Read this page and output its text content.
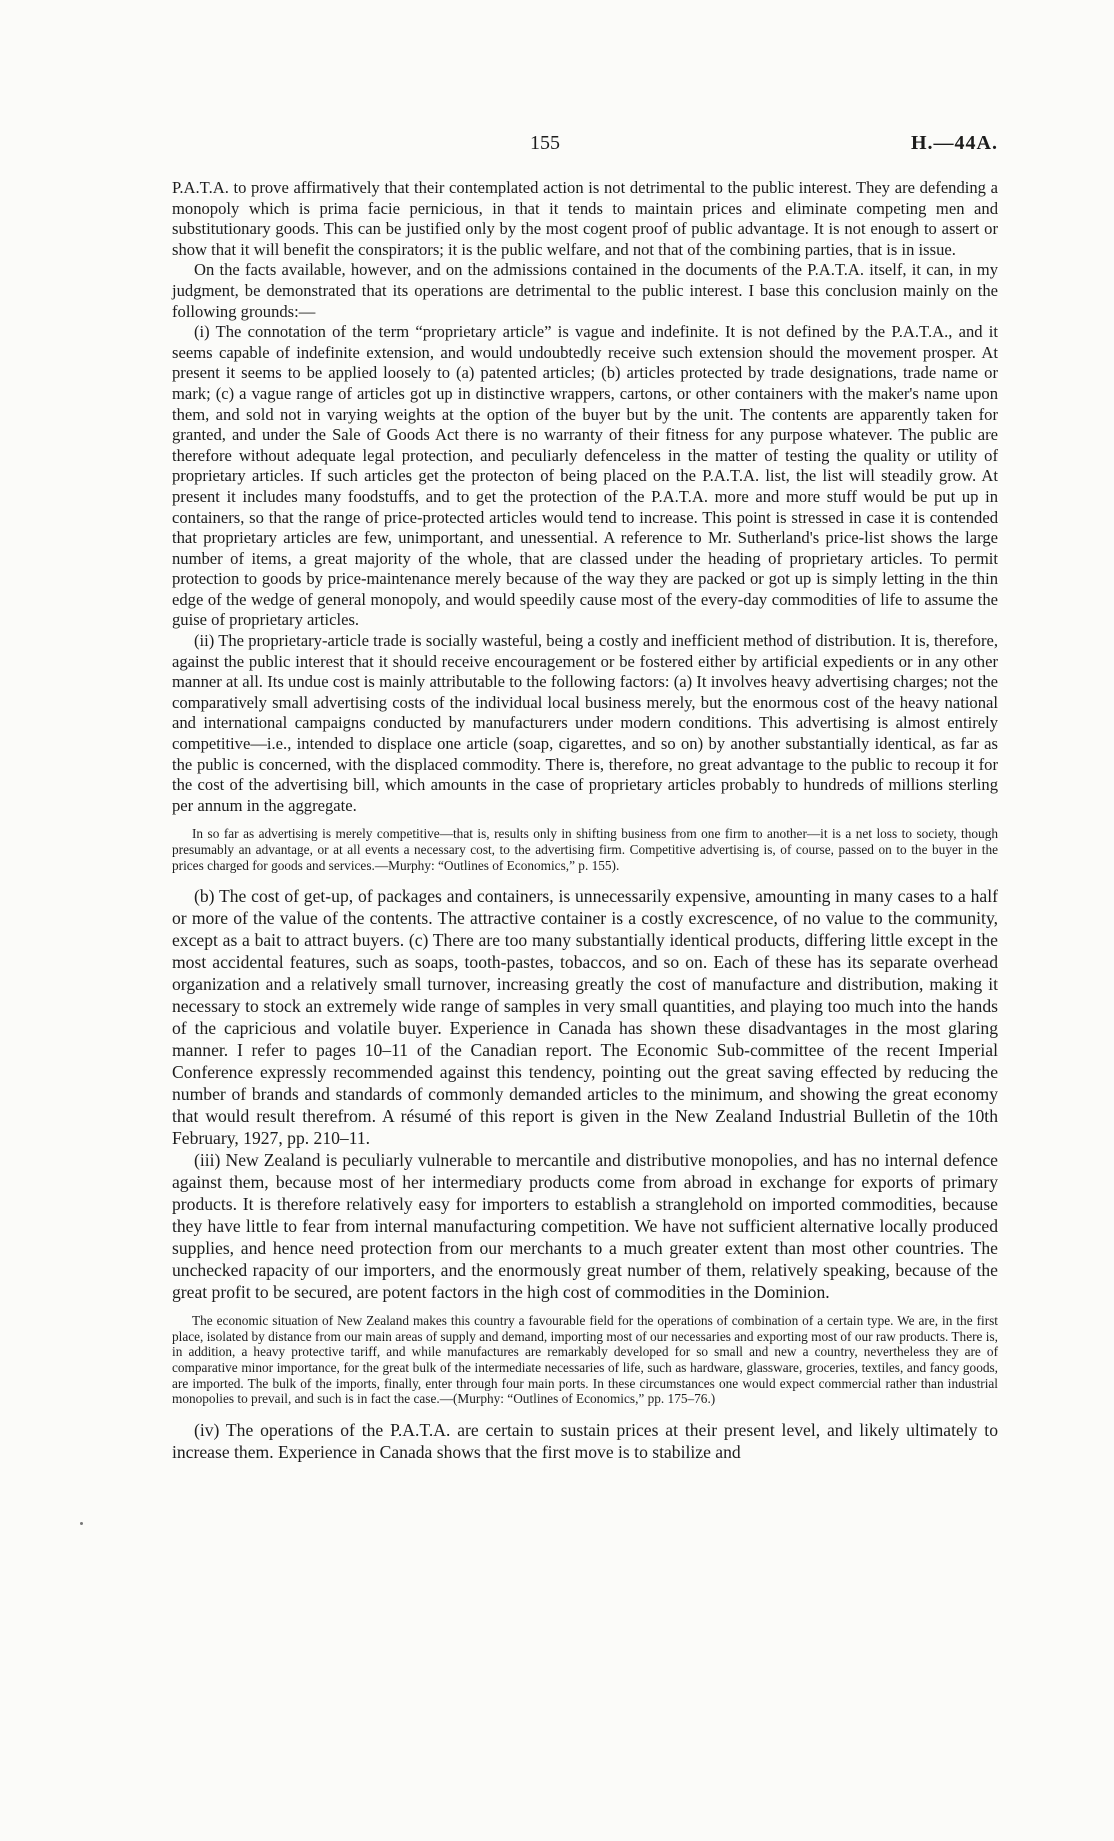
155	H.—44A.

P.A.T.A. to prove affirmatively that their contemplated action is not detrimental to the public interest. They are defending a monopoly which is prima facie pernicious, in that it tends to maintain prices and eliminate competing men and substitutionary goods. This can be justified only by the most cogent proof of public advantage. It is not enough to assert or show that it will benefit the conspirators; it is the public welfare, and not that of the combining parties, that is in issue.

On the facts available, however, and on the admissions contained in the documents of the P.A.T.A. itself, it can, in my judgment, be demonstrated that its operations are detrimental to the public interest. I base this conclusion mainly on the following grounds:—

(i) The connotation of the term “proprietary article” is vague and indefinite. It is not defined by the P.A.T.A., and it seems capable of indefinite extension, and would undoubtedly receive such extension should the movement prosper. At present it seems to be applied loosely to (a) patented articles; (b) articles protected by trade designations, trade name or mark; (c) a vague range of articles got up in distinctive wrappers, cartons, or other containers with the maker's name upon them, and sold not in varying weights at the option of the buyer but by the unit. The contents are apparently taken for granted, and under the Sale of Goods Act there is no warranty of their fitness for any purpose whatever. The public are therefore without adequate legal protection, and peculiarly defenceless in the matter of testing the quality or utility of proprietary articles. If such articles get the protecton of being placed on the P.A.T.A. list, the list will steadily grow. At present it includes many foodstuffs, and to get the protection of the P.A.T.A. more and more stuff would be put up in containers, so that the range of price-protected articles would tend to increase. This point is stressed in case it is contended that proprietary articles are few, unimportant, and unessential. A reference to Mr. Sutherland's price-list shows the large number of items, a great majority of the whole, that are classed under the heading of proprietary articles. To permit protection to goods by price-maintenance merely because of the way they are packed or got up is simply letting in the thin edge of the wedge of general monopoly, and would speedily cause most of the every-day commodities of life to assume the guise of proprietary articles.

(ii) The proprietary-article trade is socially wasteful, being a costly and inefficient method of distribution. It is, therefore, against the public interest that it should receive encouragement or be fostered either by artificial expedients or in any other manner at all. Its undue cost is mainly attributable to the following factors: (a) It involves heavy advertising charges; not the comparatively small advertising costs of the individual local business merely, but the enormous cost of the heavy national and international campaigns conducted by manufacturers under modern conditions. This advertising is almost entirely competitive—i.e., intended to displace one article (soap, cigarettes, and so on) by another substantially identical, as far as the public is concerned, with the displaced commodity. There is, therefore, no great advantage to the public to recoup it for the cost of the advertising bill, which amounts in the case of proprietary articles probably to hundreds of millions sterling per annum in the aggregate.

In so far as advertising is merely competitive—that is, results only in shifting business from one firm to another—it is a net loss to society, though presumably an advantage, or at all events a necessary cost, to the advertising firm. Competitive advertising is, of course, passed on to the buyer in the prices charged for goods and services.—Murphy: “Outlines of Economics,” p. 155).

(b) The cost of get-up, of packages and containers, is unnecessarily expensive, amounting in many cases to a half or more of the value of the contents. The attractive container is a costly excrescence, of no value to the community, except as a bait to attract buyers. (c) There are too many substantially identical products, differing little except in the most accidental features, such as soaps, tooth-pastes, tobaccos, and so on. Each of these has its separate overhead organization and a relatively small turnover, increasing greatly the cost of manufacture and distribution, making it necessary to stock an extremely wide range of samples in very small quantities, and playing too much into the hands of the capricious and volatile buyer. Experience in Canada has shown these disadvantages in the most glaring manner. I refer to pages 10–11 of the Canadian report. The Economic Sub-committee of the recent Imperial Conference expressly recommended against this tendency, pointing out the great saving effected by reducing the number of brands and standards of commonly demanded articles to the minimum, and showing the great economy that would result therefrom. A résumé of this report is given in the New Zealand Industrial Bulletin of the 10th February, 1927, pp. 210–11.

(iii) New Zealand is peculiarly vulnerable to mercantile and distributive monopolies, and has no internal defence against them, because most of her intermediary products come from abroad in exchange for exports of primary products. It is therefore relatively easy for importers to establish a stranglehold on imported commodities, because they have little to fear from internal manufacturing competition. We have not sufficient alternative locally produced supplies, and hence need protection from our merchants to a much greater extent than most other countries. The unchecked rapacity of our importers, and the enormously great number of them, relatively speaking, because of the great profit to be secured, are potent factors in the high cost of commodities in the Dominion.

The economic situation of New Zealand makes this country a favourable field for the operations of combination of a certain type. We are, in the first place, isolated by distance from our main areas of supply and demand, importing most of our necessaries and exporting most of our raw products. There is, in addition, a heavy protective tariff, and while manufactures are remarkably developed for so small and new a country, nevertheless they are of comparative minor importance, for the great bulk of the intermediate necessaries of life, such as hardware, glassware, groceries, textiles, and fancy goods, are imported. The bulk of the imports, finally, enter through four main ports. In these circumstances one would expect commercial rather than industrial monopolies to prevail, and such is in fact the case.—(Murphy: “Outlines of Economics,” pp. 175–76.)

(iv) The operations of the P.A.T.A. are certain to sustain prices at their present level, and likely ultimately to increase them. Experience in Canada shows that the first move is to stabilize and
